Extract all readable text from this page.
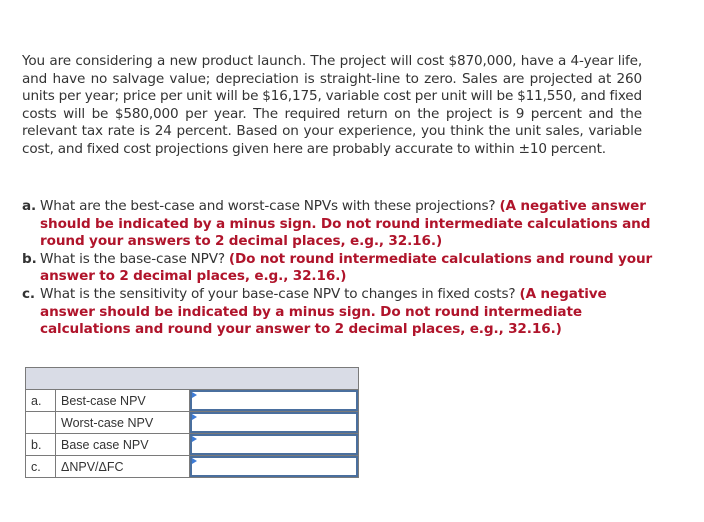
You are considering a new product launch. The project will cost $870,000, have a 4-year life, and have no salvage value; depreciation is straight-line to zero. Sales are projected at 260 units per year; price per unit will be $16,175, variable cost per unit will be $11,550, and fixed costs will be $580,000 per year. The required return on the project is 9 percent and the relevant tax rate is 24 percent. Based on your experience, you think the unit sales, variable cost, and fixed cost projections given here are probably accurate to within ±10 percent.

a. What are the best-case and worst-case NPVs with these projections? (A negative answer should be indicated by a minus sign. Do not round intermediate calculations and round your answers to 2 decimal places, e.g., 32.16.)
b. What is the base-case NPV? (Do not round intermediate calculations and round your answer to 2 decimal places, e.g., 32.16.)
c. What is the sensitivity of your base-case NPV to changes in fixed costs? (A negative answer should be indicated by a minus sign. Do not round intermediate calculations and round your answer to 2 decimal places, e.g., 32.16.)

a.	Best-case NPV	

	Worst-case NPV	

b.	Base case NPV	

c.	ΔNPV/ΔFC	
